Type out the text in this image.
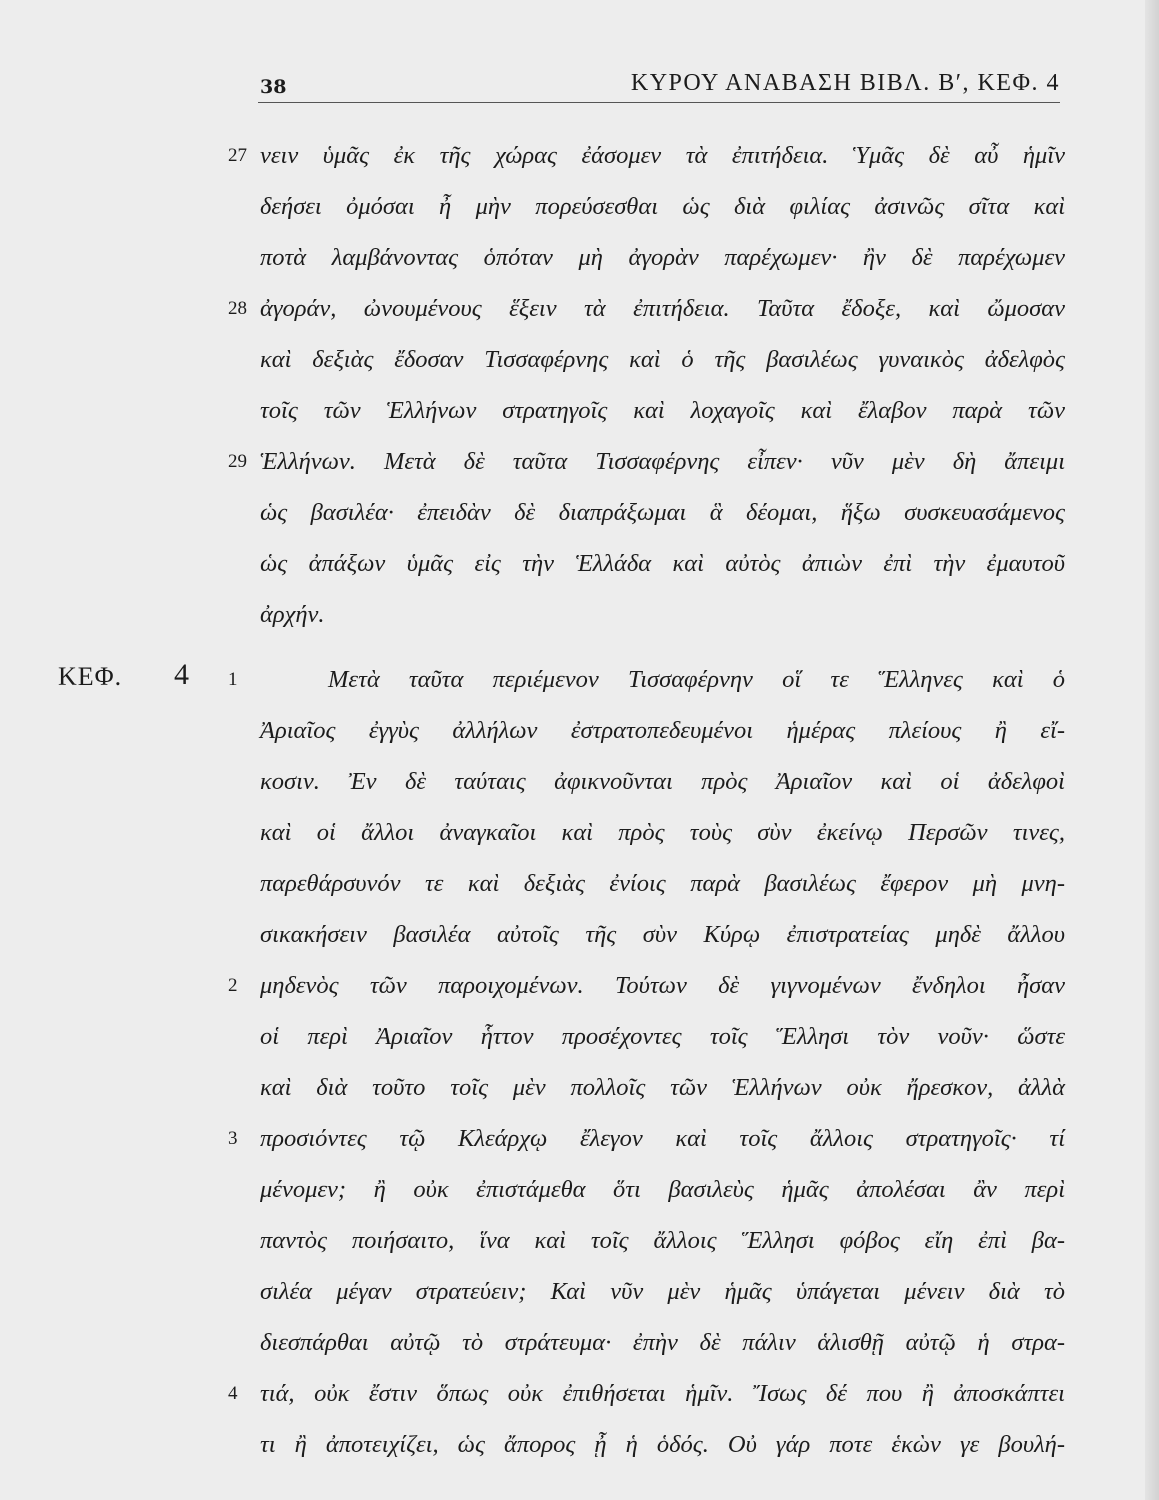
38	ΚΥΡΟΥ ΑΝΑΒΑΣΗ ΒΙΒΛ. Β′, ΚΕΦ. 4
ΚΕΦ. 4
27 νειν ὑμᾶς ἐκ τῆς χώρας ἐάσομεν τὰ ἐπιτήδεια. Ὑμᾶς δὲ αὖ ἡμῖν
δεήσει ὀμόσαι ἦ μὴν πορεύσεσθαι ὡς διὰ φιλίας ἀσινῶς σῖτα καὶ
ποτὰ λαμβάνοντας ὁπόταν μὴ ἀγορὰν παρέχωμεν· ἢν δὲ παρέχωμεν
28 ἀγοράν, ὠνουμένους ἕξειν τὰ ἐπιτήδεια. Ταῦτα ἔδοξε, καὶ ὤμοσαν
καὶ δεξιὰς ἔδοσαν Τισσαφέρνης καὶ ὁ τῆς βασιλέως γυναικὸς ἀδελφὸς
τοῖς τῶν Ἑλλήνων στρατηγοῖς καὶ λοχαγοῖς καὶ ἔλαβον παρὰ τῶν
29 Ἑλλήνων. Μετὰ δὲ ταῦτα Τισσαφέρνης εἶπεν· νῦν μὲν δὴ ἄπειμι
ὡς βασιλέα· ἐπειδὰν δὲ διαπράξωμαι ἃ δέομαι, ἥξω συσκευασάμενος
ὡς ἀπάξων ὑμᾶς εἰς τὴν Ἑλλάδα καὶ αὐτὸς ἀπιὼν ἐπὶ τὴν ἐμαυτοῦ
ἀρχήν.
1	Μετὰ ταῦτα περιέμενον Τισσαφέρνην οἵ τε Ἕλληνες καὶ ὁ
Ἀριαῖος ἐγγὺς ἀλλήλων ἐστρατοπεδευμένοι ἡμέρας πλείους ἢ εἴ-
κοσιν. Ἐν δὲ ταύταις ἀφικνοῦνται πρὸς Ἀριαῖον καὶ οἱ ἀδελφοὶ
καὶ οἱ ἄλλοι ἀναγκαῖοι καὶ πρὸς τοὺς σὺν ἐκείνῳ Περσῶν τινες,
παρεθάρσυνόν τε καὶ δεξιὰς ἐνίοις παρὰ βασιλέως ἔφερον μὴ μνη-
σικακήσειν βασιλέα αὐτοῖς τῆς σὺν Κύρῳ ἐπιστρατείας μηδὲ ἄλλου
2 μηδενὸς τῶν παροιχομένων. Τούτων δὲ γιγνομένων ἔνδηλοι ἦσαν
οἱ περὶ Ἀριαῖον ἧττον προσέχοντες τοῖς Ἕλλησι τὸν νοῦν· ὥστε
καὶ διὰ τοῦτο τοῖς μὲν πολλοῖς τῶν Ἑλλήνων οὐκ ἤρεσκον, ἀλλὰ
3 προσιόντες τῷ Κλεάρχῳ ἔλεγον καὶ τοῖς ἄλλοις στρατηγοῖς· τί
μένομεν; ἢ οὐκ ἐπιστάμεθα ὅτι βασιλεὺς ἡμᾶς ἀπολέσαι ἂν περὶ
παντὸς ποιήσαιτο, ἵνα καὶ τοῖς ἄλλοις Ἕλλησι φόβος εἴη ἐπὶ βα-
σιλέα μέγαν στρατεύειν; Καὶ νῦν μὲν ἡμᾶς ὑπάγεται μένειν διὰ τὸ
διεσπάρθαι αὐτῷ τὸ στράτευμα· ἐπὴν δὲ πάλιν ἁλισθῇ αὐτῷ ἡ στρα-
4 τιά, οὐκ ἔστιν ὅπως οὐκ ἐπιθήσεται ἡμῖν. Ἴσως δέ που ἢ ἀποσκάπτει
τι ἢ ἀποτειχίζει, ὡς ἄπορος ᾖ ἡ ὁδός. Οὐ γάρ ποτε ἑκὼν γε βουλή-
